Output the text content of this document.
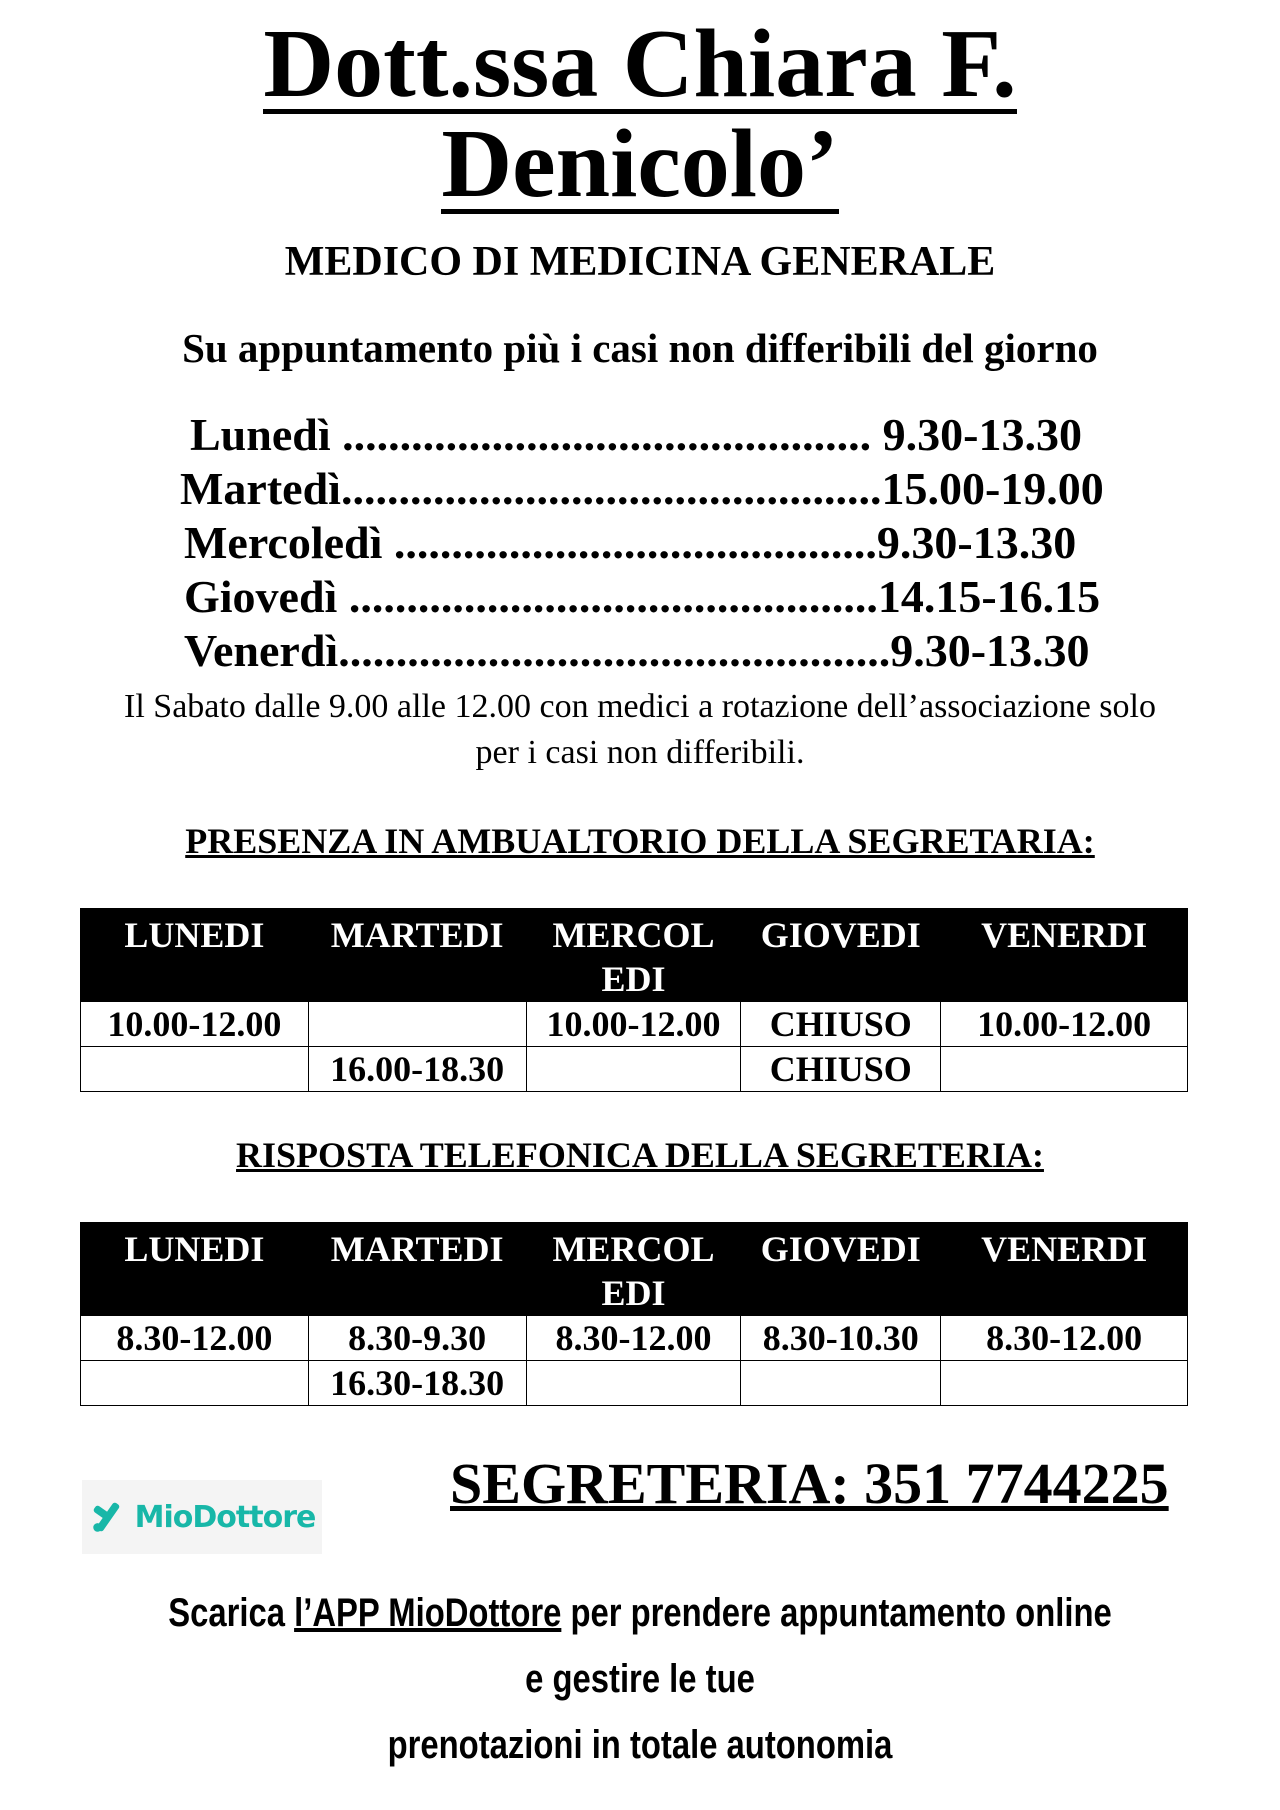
Dott.ssa Chiara F.
Denicolo’
MEDICO DI MEDICINA GENERALE
Su appuntamento più i casi non differibili del giorno
Lunedì .............................................. 9.30-13.30
Martedì...............................................15.00-19.00
Mercoledì ..........................................9.30-13.30
Giovedì ..............................................14.15-16.15
Venerdì................................................9.30-13.30
Il Sabato dalle 9.00 alle 12.00 con medici a rotazione dell’associazione solo
per i casi non differibili.
PRESENZA IN AMBUALTORIO DELLA SEGRETARIA:
LUNEDI	MARTEDI	MERCOL EDI	GIOVEDI	VENERDI
10.00-12.00		10.00-12.00	CHIUSO	10.00-12.00
	16.00-18.30		CHIUSO	
RISPOSTA TELEFONICA DELLA SEGRETERIA:
LUNEDI	MARTEDI	MERCOL EDI	GIOVEDI	VENERDI
8.30-12.00	8.30-9.30	8.30-12.00	8.30-10.30	8.30-12.00
	16.30-18.30			
MioDottore
SEGRETERIA: 351 7744225
Scarica l’APP MioDottore per prendere appuntamento online e gestire le tue
prenotazioni in totale autonomia
